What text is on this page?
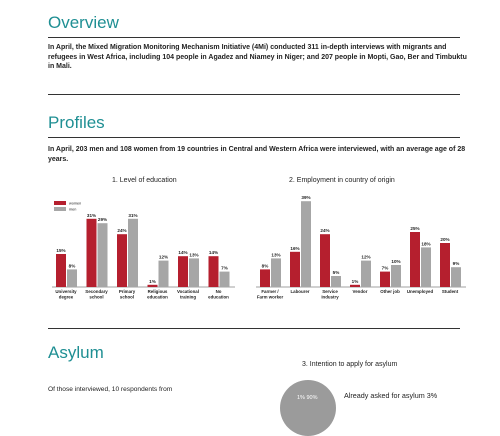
Overview

In April, the Mixed Migration Monitoring Mechanism Initiative (4Mi) conducted 311 in-depth interviews with migrants and refugees in West Africa, including 104 people in Agadez and Niamey in Niger; and 207 people in Mopti, Gao, Ber and Timbuktu in Mali.

Profiles

In April, 203 men and 108 women from 19 countries in Central and Western Africa were interviewed, with an average age of 28 years.

1. Level of education	2. Employment in country of origin
15%
8%
University
degree
31%
29%
Secondary
school
24%
31%
Primary
school
1%
12%
Religious
education
14% 13%
Vocational
training
14%
7%
No
education
women
men
8%
13%
Farmer /
Farm worker
16%
39%
Labourer
24%
5%
Service
industry
1%
12%
Vendor
7%
10%
Other job
25%
18%
Unemployed
20%
9%
Student
Asylum
3. Intention to apply for asylum
Of those interviewed, 10 respondents from
1% 90%	Already asked for asylum 3%
